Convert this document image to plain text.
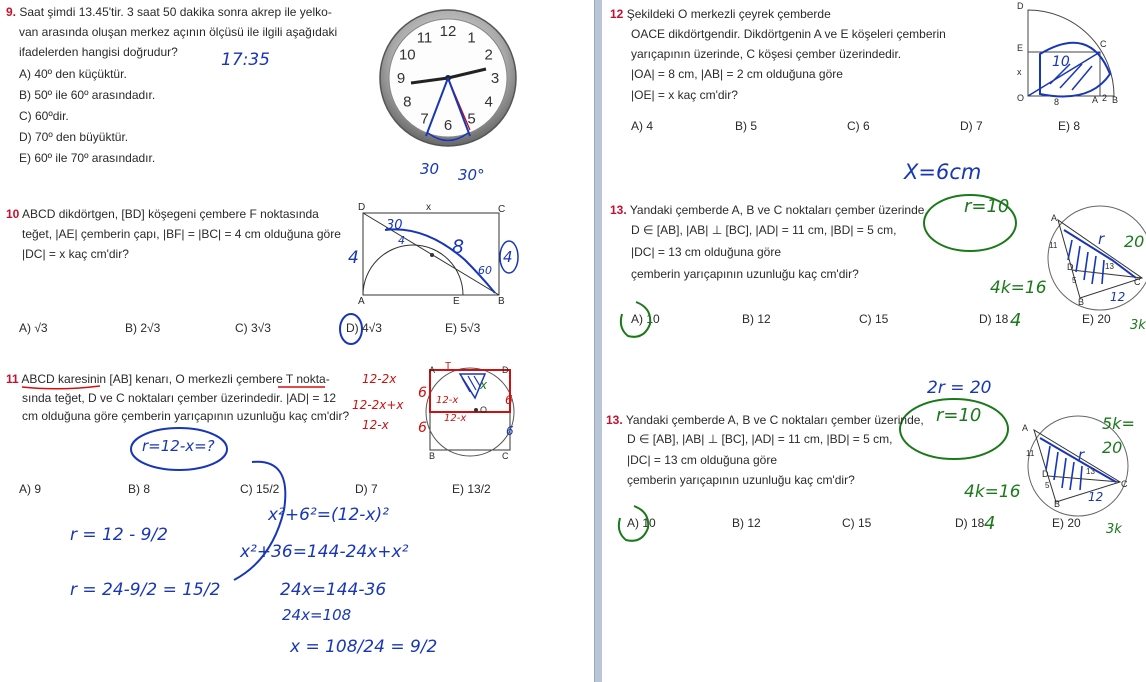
9. Saat şimdi 13.45'tir. 3 saat 50 dakika sonra akrep ile yelko-
van arasında oluşan merkez açının ölçüsü ile ilgili aşağıdaki
ifadelerden hangisi doğrudur?
A) 40º den küçüktür.
B) 50º ile 60º arasındadır.
C) 60ºdir.
D) 70º den büyüktür.
E) 60º ile 70º arasındadır.
17:35
12 1
2
3
4
5
6
7
8
9
10
11
30 30°
10 ABCD dikdörtgen, [BD] köşegeni çembere F noktasında
teğet, |AE| çemberin çapı, |BF| = |BC| = 4 cm olduğuna göre
|DC| = x kaç cm'dir?
D	x	C
A	E	B
4
30
4 8
60
4
A) √3	B) 2√3	C) 3√3	D) 4√3	E) 5√3
11 ABCD karesinin [AB] kenarı, O merkezli çembere T nokta-
sında teğet, D ve C noktaları çember üzerindedir. |AD| = 12
cm olduğuna göre çemberin yarıçapının uzunluğu kaç cm'dir?
A T	D
B	C
O
12-2x
12-2x+x
12-x
6
6
6
6
12-x
12-x
x
r=12-x=?
A) 9	B) 8	C) 15/2	D) 7	E) 13/2
x²+6²=(12-x)²
x²+36=144-24x+x²
24x=144-36
24x=108
x = 108/24 = 9/2
r = 12 - 9/2
r = 24-9/2 = 15/2
12 Şekildeki O merkezli çeyrek çemberde
OACE dikdörtgendir. Dikdörtgenin A ve E köşeleri çemberin
yarıçapının üzerinde, C köşesi çember üzerindedir.
|OA| = 8 cm, |AB| = 2 cm olduğuna göre
|OE| = x kaç cm'dir?
A) 4	B) 5	C) 6	D) 7	E) 8
D
E	C
x
O	8	A 2 B
10
X=6cm
13. Yandaki çemberde A, B ve C noktaları çember üzerinde,
D ∈ [AB], |AB| ⊥ [BC], |AD| = 11 cm, |BD| = 5 cm,
|DC| = 13 cm olduğuna göre
çemberin yarıçapının uzunluğu kaç cm'dir?
A) 10	B) 12	C) 15	D) 18	E) 20
4
r=10
4k=16
A
11
D
5
13
B
C
20
r
12
3k
2r = 20
r=10
13. Yandaki çemberde A, B ve C noktaları çember üzerinde,
D ∈ [AB], |AB| ⊥ [BC], |AD| = 11 cm, |BD| = 5 cm,
|DC| = 13 cm olduğuna göre
çemberin yarıçapının uzunluğu kaç cm'dir?
A) 10	B) 12	C) 15	D) 18	E) 20
4
4k=16
A
11
D
5
13
B
C
20
r
12
3k
5k=
